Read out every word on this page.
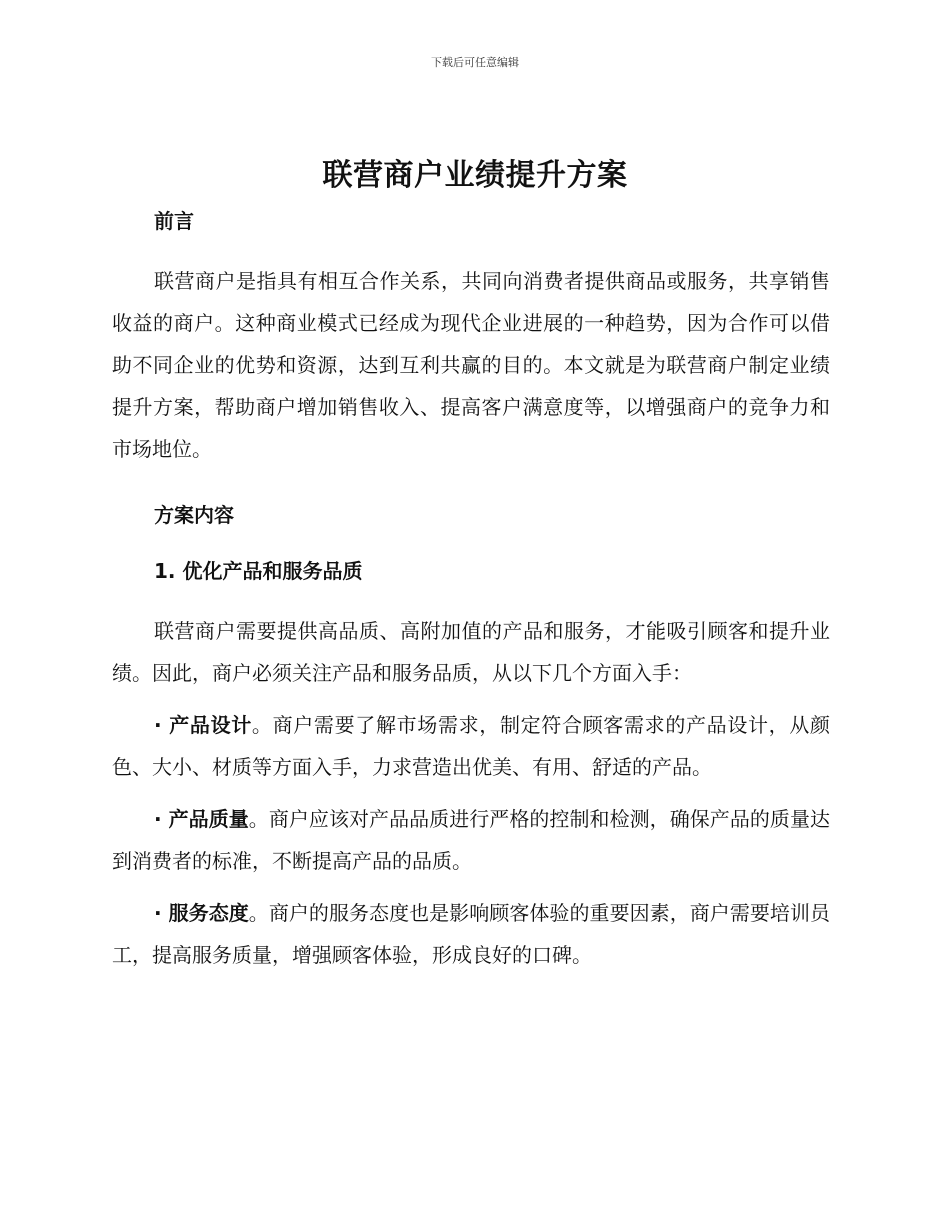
下载后可任意编辑
联营商户业绩提升方案

前言

联营商户是指具有相互合作关系，共同向消费者提供商品或服务，共享销售收益的商户。这种商业模式已经成为现代企业进展的一种趋势，因为合作可以借助不同企业的优势和资源，达到互利共赢的目的。本文就是为联营商户制定业绩提升方案，帮助商户增加销售收入、提高客户满意度等，以增强商户的竞争力和市场地位。

方案内容

1. 优化产品和服务品质

联营商户需要提供高品质、高附加值的产品和服务，才能吸引顾客和提升业绩。因此，商户必须关注产品和服务品质，从以下几个方面入手：

· 产品设计。商户需要了解市场需求，制定符合顾客需求的产品设计，从颜色、大小、材质等方面入手，力求营造出优美、有用、舒适的产品。

· 产品质量。商户应该对产品品质进行严格的控制和检测，确保产品的质量达到消费者的标准，不断提高产品的品质。

· 服务态度。商户的服务态度也是影响顾客体验的重要因素，商户需要培训员工，提高服务质量，增强顾客体验，形成良好的口碑。
